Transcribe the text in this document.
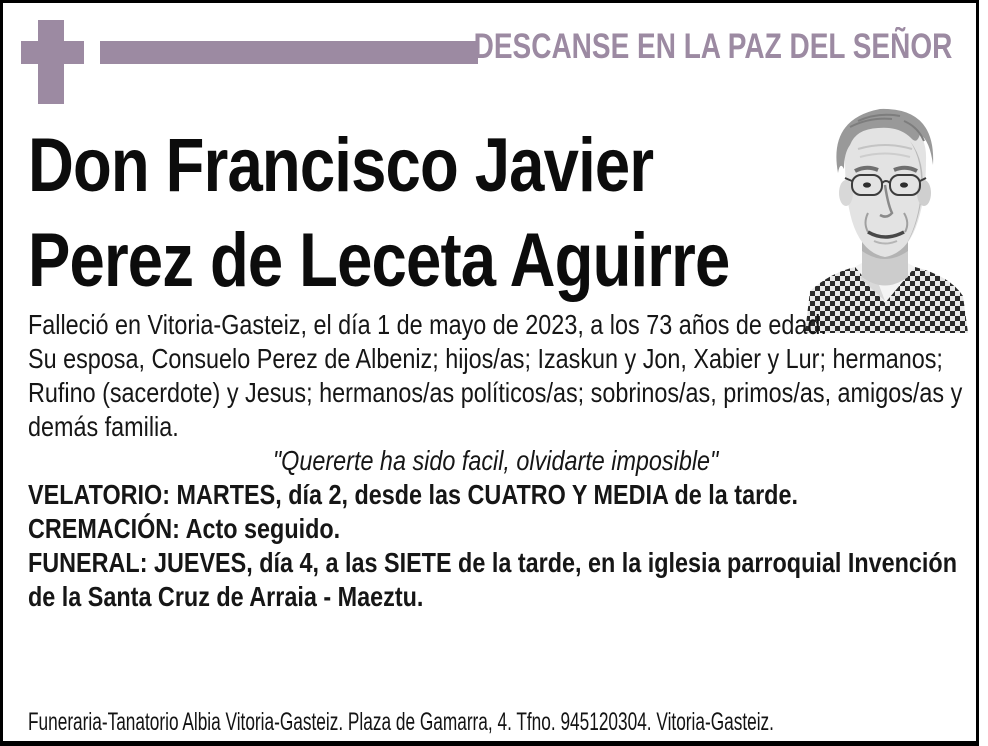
DESCANSE EN LA PAZ DEL SEÑOR
Don Francisco Javier
Perez de Leceta Aguirre

Falleció en Vitoria-Gasteiz, el día 1 de mayo de 2023, a los 73 años de edad.

Su esposa, Consuelo Perez de Albeniz; hijos/as; Izaskun y Jon, Xabier y Lur; hermanos; Rufino (sacerdote) y Jesus; hermanos/as políticos/as; sobrinos/as, primos/as, amigos/as y demás familia.

"Quererte ha sido facil, olvidarte imposible"

VELATORIO: MARTES, día 2, desde las CUATRO Y MEDIA de la tarde.

CREMACIÓN: Acto seguido.

FUNERAL: JUEVES, día 4, a las SIETE de la tarde, en la iglesia parroquial Invención de la Santa Cruz de Arraia - Maeztu.

Funeraria-Tanatorio Albia Vitoria-Gasteiz. Plaza de Gamarra, 4. Tfno. 945120304. Vitoria-Gasteiz.
